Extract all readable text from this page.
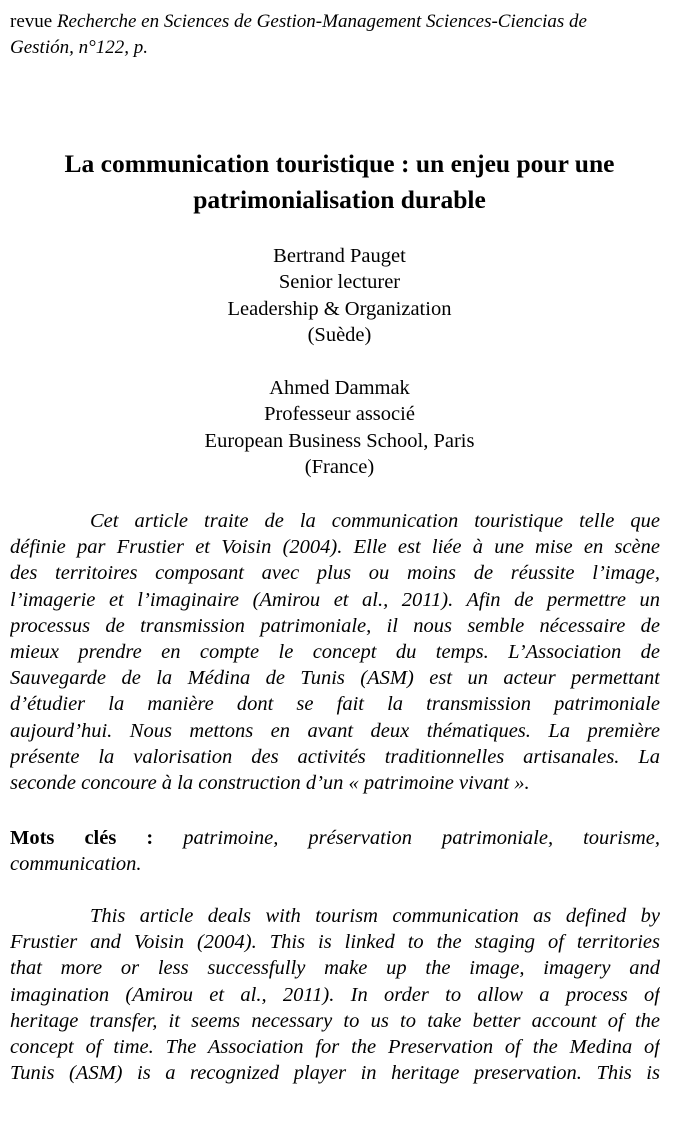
revue Recherche en Sciences de Gestion-Management Sciences-Ciencias de
Gestión, n°122, p.
La communication touristique : un enjeu pour une
patrimonialisation durable
Bertrand Pauget
Senior lecturer
Leadership & Organization
(Suède)
Ahmed Dammak
Professeur associé
European Business School, Paris
(France)
Cet article traite de la communication touristique telle que
définie par Frustier et Voisin (2004). Elle est liée à une mise en scène
des territoires composant avec plus ou moins de réussite l’image,
l’imagerie et l’imaginaire (Amirou et al., 2011). Afin de permettre un
processus de transmission patrimoniale, il nous semble nécessaire de
mieux prendre en compte le concept du temps. L’Association de
Sauvegarde de la Médina de Tunis (ASM) est un acteur permettant
d’étudier la manière dont se fait la transmission patrimoniale
aujourd’hui. Nous mettons en avant deux thématiques. La première
présente la valorisation des activités traditionnelles artisanales. La
seconde concoure à la construction d’un « patrimoine vivant ».
Mots clés : patrimoine, préservation patrimoniale, tourisme,
communication.
This article deals with tourism communication as defined by
Frustier and Voisin (2004). This is linked to the staging of territories
that more or less successfully make up the image, imagery and
imagination (Amirou et al., 2011). In order to allow a process of
heritage transfer, it seems necessary to us to take better account of the
concept of time. The Association for the Preservation of the Medina of
Tunis (ASM) is a recognized player in heritage preservation. This is
